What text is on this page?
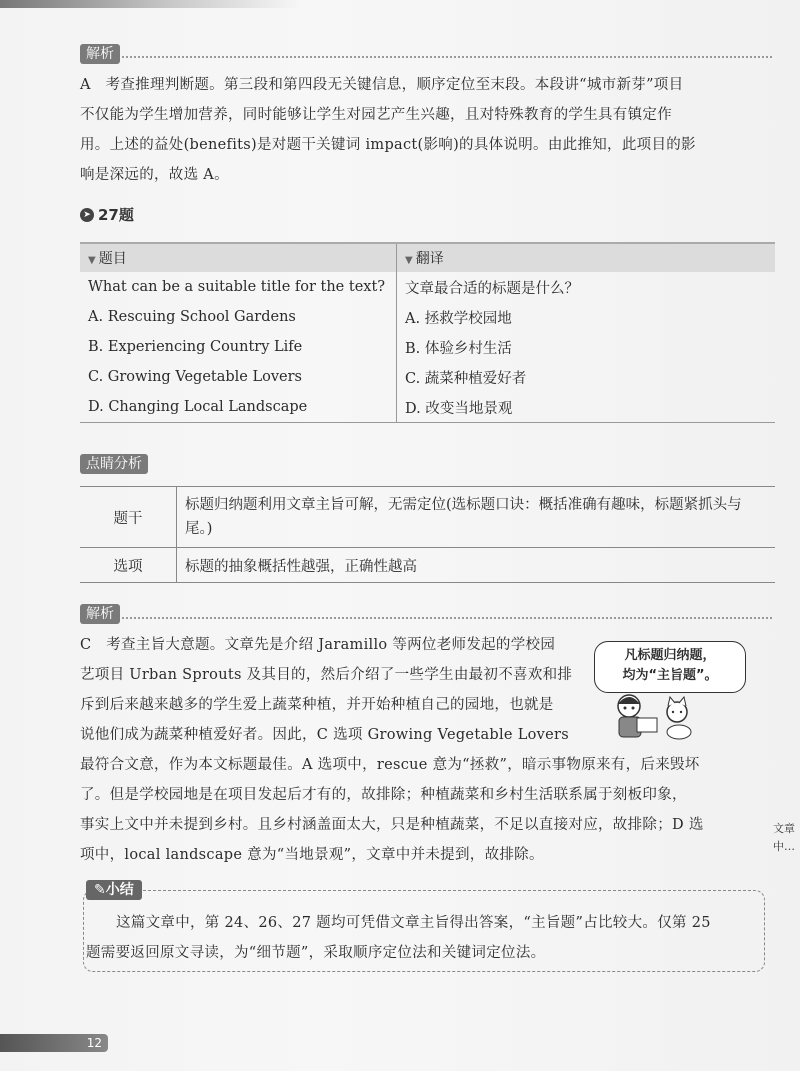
解析

A　考查推理判断题。第三段和第四段无关键信息，顺序定位至末段。本段讲“城市新芽”项目

不仅能为学生增加营养，同时能够让学生对园艺产生兴趣，且对特殊教育的学生具有镇定作

用。上述的益处(benefits)是对题干关键词 impact(影响)的具体说明。由此推知，此项目的影

响是深远的，故选 A。

➤ 27题
▼ 题目	▼ 翻译
What can be a suitable title for the text?	文章最合适的标题是什么？
A. Rescuing School Gardens	A. 拯救学校园地
B. Experiencing Country Life	B. 体验乡村生活
C. Growing Vegetable Lovers	C. 蔬菜种植爱好者
D. Changing Local Landscape	D. 改变当地景观
点睛分析
题干	标题归纳题利用文章主旨可解，无需定位(选标题口诀：概括准确有趣味，标题紧抓头与尾。)
选项	标题的抽象概括性越强，正确性越高
解析

C　考查主旨大意题。文章先是介绍 Jaramillo 等两位老师发起的学校园

艺项目 Urban Sprouts 及其目的，然后介绍了一些学生由最初不喜欢和排

斥到后来越来越多的学生爱上蔬菜种植，并开始种植自己的园地，也就是

说他们成为蔬菜种植爱好者。因此，C 选项 Growing Vegetable Lovers

最符合文意，作为本文标题最佳。A 选项中，rescue 意为“拯救”，暗示事物原来有，后来毁坏

了。但是学校园地是在项目发起后才有的，故排除；种植蔬菜和乡村生活联系属于刻板印象，

事实上文中并未提到乡村。且乡村涵盖面太大，只是种植蔬菜，不足以直接对应，故排除；D 选

项中，local landscape 意为“当地景观”，文章中并未提到，故排除。

凡标题归纳题，
均为“主旨题”。
✎小结

这篇文章中，第 24、26、27 题均可凭借文章主旨得出答案，“主旨题”占比较大。仅第 25

题需要返回原文寻读，为“细节题”，采取顺序定位法和关键词定位法。

文章中…
12
